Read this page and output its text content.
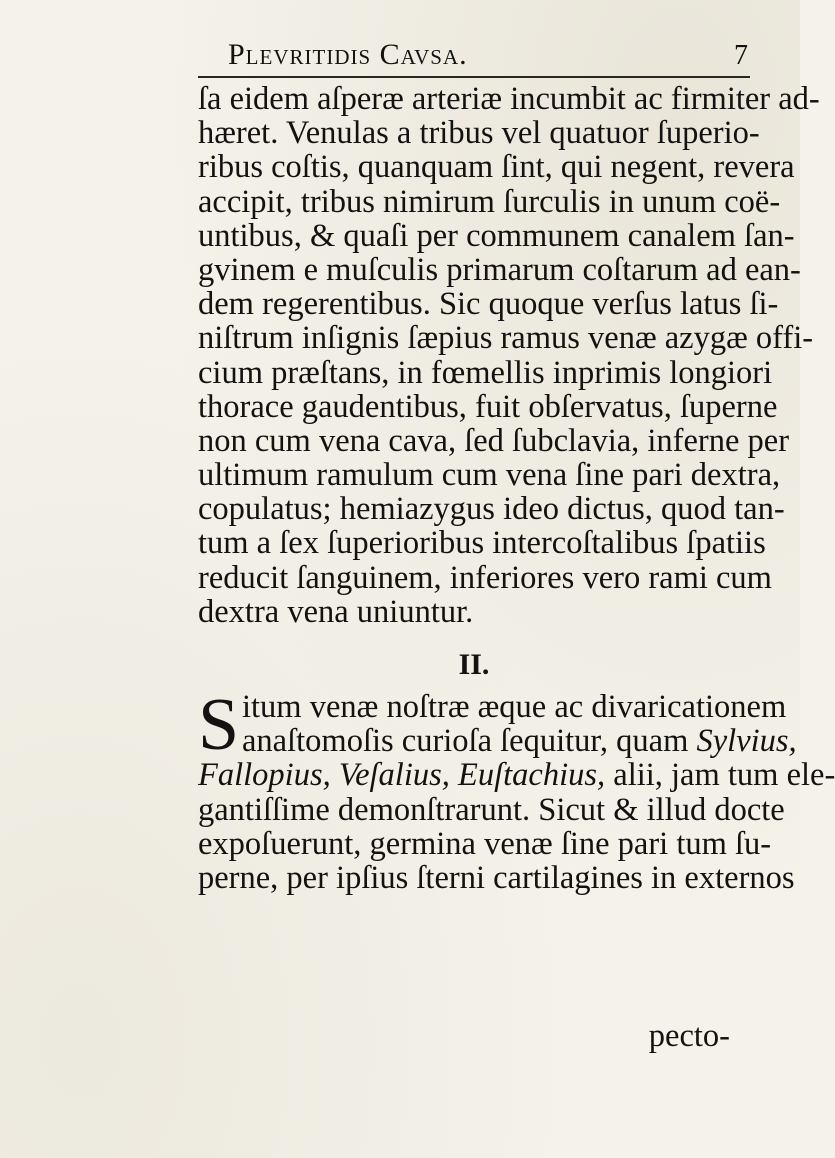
Plevritidis Cavsa.	7
ſa eidem aſperæ arteriæ incumbit ac firmiter ad-
hæret. Venulas a tribus vel quatuor ſuperio-
ribus coſtis, quanquam ſint, qui negent, revera
accipit, tribus nimirum ſurculis in unum coë-
untibus, & quaſi per communem canalem ſan-
gvinem e muſculis primarum coſtarum ad ean-
dem regerentibus. Sic quoque verſus latus ſi-
niſtrum inſignis ſæpius ramus venæ azygæ offi-
cium præſtans, in fœmellis inprimis longiori
thorace gaudentibus, fuit obſervatus, ſuperne
non cum vena cava, ſed ſubclavia, inferne per
ultimum ramulum cum vena ſine pari dextra,
copulatus; hemiazygus ideo dictus, quod tan-
tum a ſex ſuperioribus intercoſtalibus ſpatiis
reducit ſanguinem, inferiores vero rami cum
dextra vena uniuntur.
II.
S itum venæ noſtræ æque ac divaricationem
anaſtomoſis curioſa ſequitur, quam Sylvius,
Fallopius, Veſalius, Euſtachius, alii, jam tum ele-
gantiſſime demonſtrarunt. Sicut & illud docte
expoſuerunt, germina venæ ſine pari tum ſu-
perne, per ipſius ſterni cartilagines in externos
pecto-
